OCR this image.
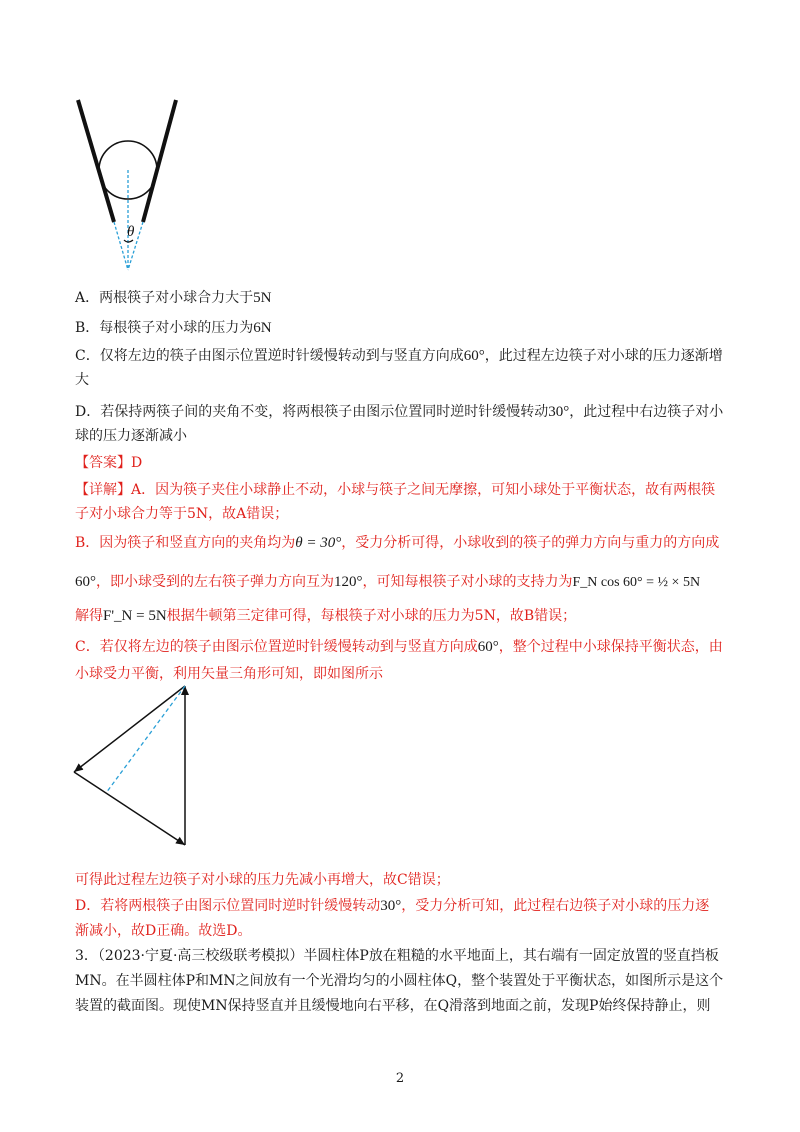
θ
A．两根筷子对小球合力大于5N
B．每根筷子对小球的压力为6N
C．仅将左边的筷子由图示位置逆时针缓慢转动到与竖直方向成60°，此过程左边筷子对小球的压力逐渐增
大
D．若保持两筷子间的夹角不变，将两根筷子由图示位置同时逆时针缓慢转动30°，此过程中右边筷子对小
球的压力逐渐减小
【答案】D
【详解】A．因为筷子夹住小球静止不动，小球与筷子之间无摩擦，可知小球处于平衡状态，故有两根筷
子对小球合力等于5N，故A错误；
B．因为筷子和竖直方向的夹角均为θ = 30°，受力分析可得，小球收到的筷子的弹力方向与重力的方向成
60°，即小球受到的左右筷子弹力方向互为120°，可知每根筷子对小球的支持力为F_N cos 60° = ½ × 5N
解得F'_N = 5N根据牛顿第三定律可得，每根筷子对小球的压力为5N，故B错误；
C．若仅将左边的筷子由图示位置逆时针缓慢转动到与竖直方向成60°，整个过程中小球保持平衡状态，由
小球受力平衡，利用矢量三角形可知，即如图所示
可得此过程左边筷子对小球的压力先减小再增大，故C错误；
D．若将两根筷子由图示位置同时逆时针缓慢转动30°，受力分析可知，此过程右边筷子对小球的压力逐
渐减小，故D正确。故选D。
3．（2023·宁夏·高三校级联考模拟）半圆柱体P放在粗糙的水平地面上，其右端有一固定放置的竖直挡板
MN。在半圆柱体P和MN之间放有一个光滑均匀的小圆柱体Q，整个装置处于平衡状态，如图所示是这个
装置的截面图。现使MN保持竖直并且缓慢地向右平移，在Q滑落到地面之前，发现P始终保持静止，则
2
